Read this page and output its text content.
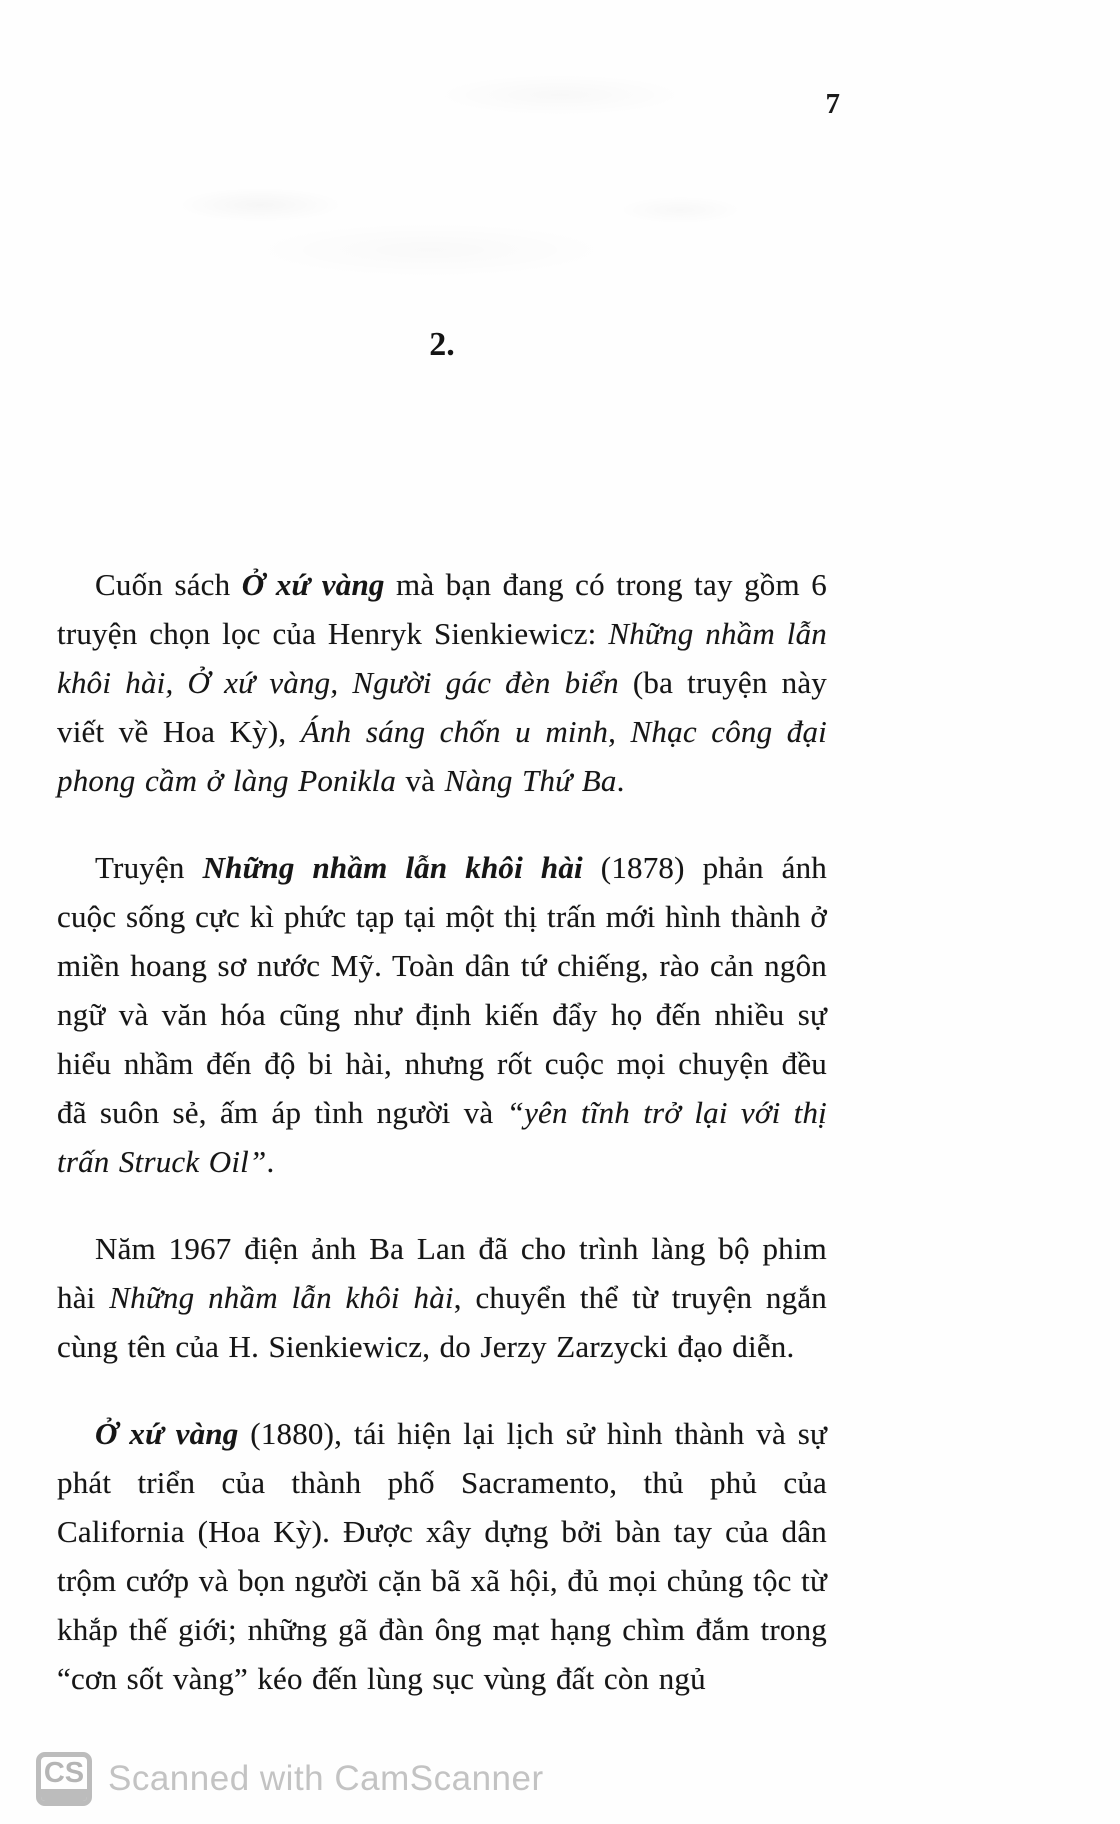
7
2.

Cuốn sách Ở xứ vàng mà bạn đang có trong tay gồm 6 truyện chọn lọc của Henryk Sienkiewicz: Những nhầm lẫn khôi hài, Ở xứ vàng, Người gác đèn biển (ba truyện này viết về Hoa Kỳ), Ánh sáng chốn u minh, Nhạc công đại phong cầm ở làng Ponikla và Nàng Thứ Ba.

Truyện Những nhầm lẫn khôi hài (1878) phản ánh cuộc sống cực kì phức tạp tại một thị trấn mới hình thành ở miền hoang sơ nước Mỹ. Toàn dân tứ chiếng, rào cản ngôn ngữ và văn hóa cũng như định kiến đẩy họ đến nhiều sự hiểu nhầm đến độ bi hài, nhưng rốt cuộc mọi chuyện đều đã suôn sẻ, ấm áp tình người và “yên tĩnh trở lại với thị trấn Struck Oil”.

Năm 1967 điện ảnh Ba Lan đã cho trình làng bộ phim hài Những nhầm lẫn khôi hài, chuyển thể từ truyện ngắn cùng tên của H. Sienkiewicz, do Jerzy Zarzycki đạo diễn.

Ở xứ vàng (1880), tái hiện lại lịch sử hình thành và sự phát triển của thành phố Sacramento, thủ phủ của California (Hoa Kỳ). Được xây dựng bởi bàn tay của dân trộm cướp và bọn người cặn bã xã hội, đủ mọi chủng tộc từ khắp thế giới; những gã đàn ông mạt hạng chìm đắm trong “cơn sốt vàng” kéo đến lùng sục vùng đất còn ngủ

CS Scanned with CamScanner
